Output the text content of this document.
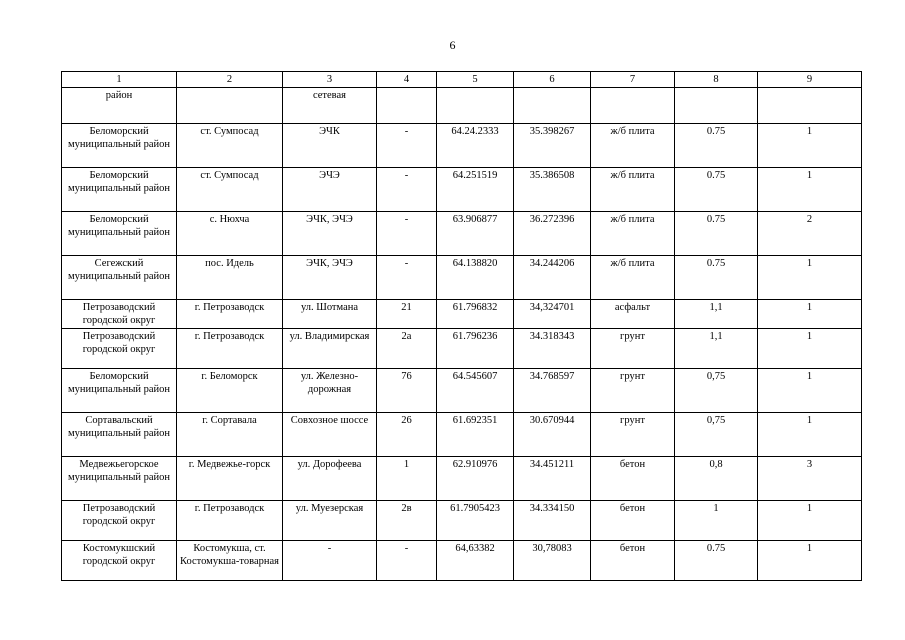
6
1	2	3	4	5	6	7	8	9
район		сетевая						
Беломорский муниципальный район	ст. Сумпосад	ЭЧК	-	64.24.2333	35.398267	ж/б плита	0.75	1
Беломорский муниципальный район	ст. Сумпосад	ЭЧЭ	-	64.251519	35.386508	ж/б плита	0.75	1
Беломорский муниципальный район	с. Нюхча	ЭЧК, ЭЧЭ	-	63.906877	36.272396	ж/б плита	0.75	2
Сегежский муниципальный район	пос. Идель	ЭЧК, ЭЧЭ	-	64.138820	34.244206	ж/б плита	0.75	1
Петрозаводский городской округ	г. Петрозаводск	ул. Шотмана	21	61.796832	34,324701	асфальт	1,1	1
Петрозаводский городской округ	г. Петрозаводск	ул. Владимирская	2а	61.796236	34.318343	грунт	1,1	1
Беломорский муниципальный район	г. Беломорск	ул. Железно-дорожная	76	64.545607	34.768597	грунт	0,75	1
Сортавальский муниципальный район	г. Сортавала	Совхозное шоссе	26	61.692351	30.670944	грунт	0,75	1
Медвежьегорское муниципальный район	г. Медвежье-горск	ул. Дорофеева	1	62.910976	34.451211	бетон	0,8	3
Петрозаводский городской округ	г. Петрозаводск	ул. Муезерская	2в	61.7905423	34.334150	бетон	1	1
Костомукшский городской округ	Костомукша, ст. Костомукша-товарная	-	-	64,63382	30,78083	бетон	0.75	1
